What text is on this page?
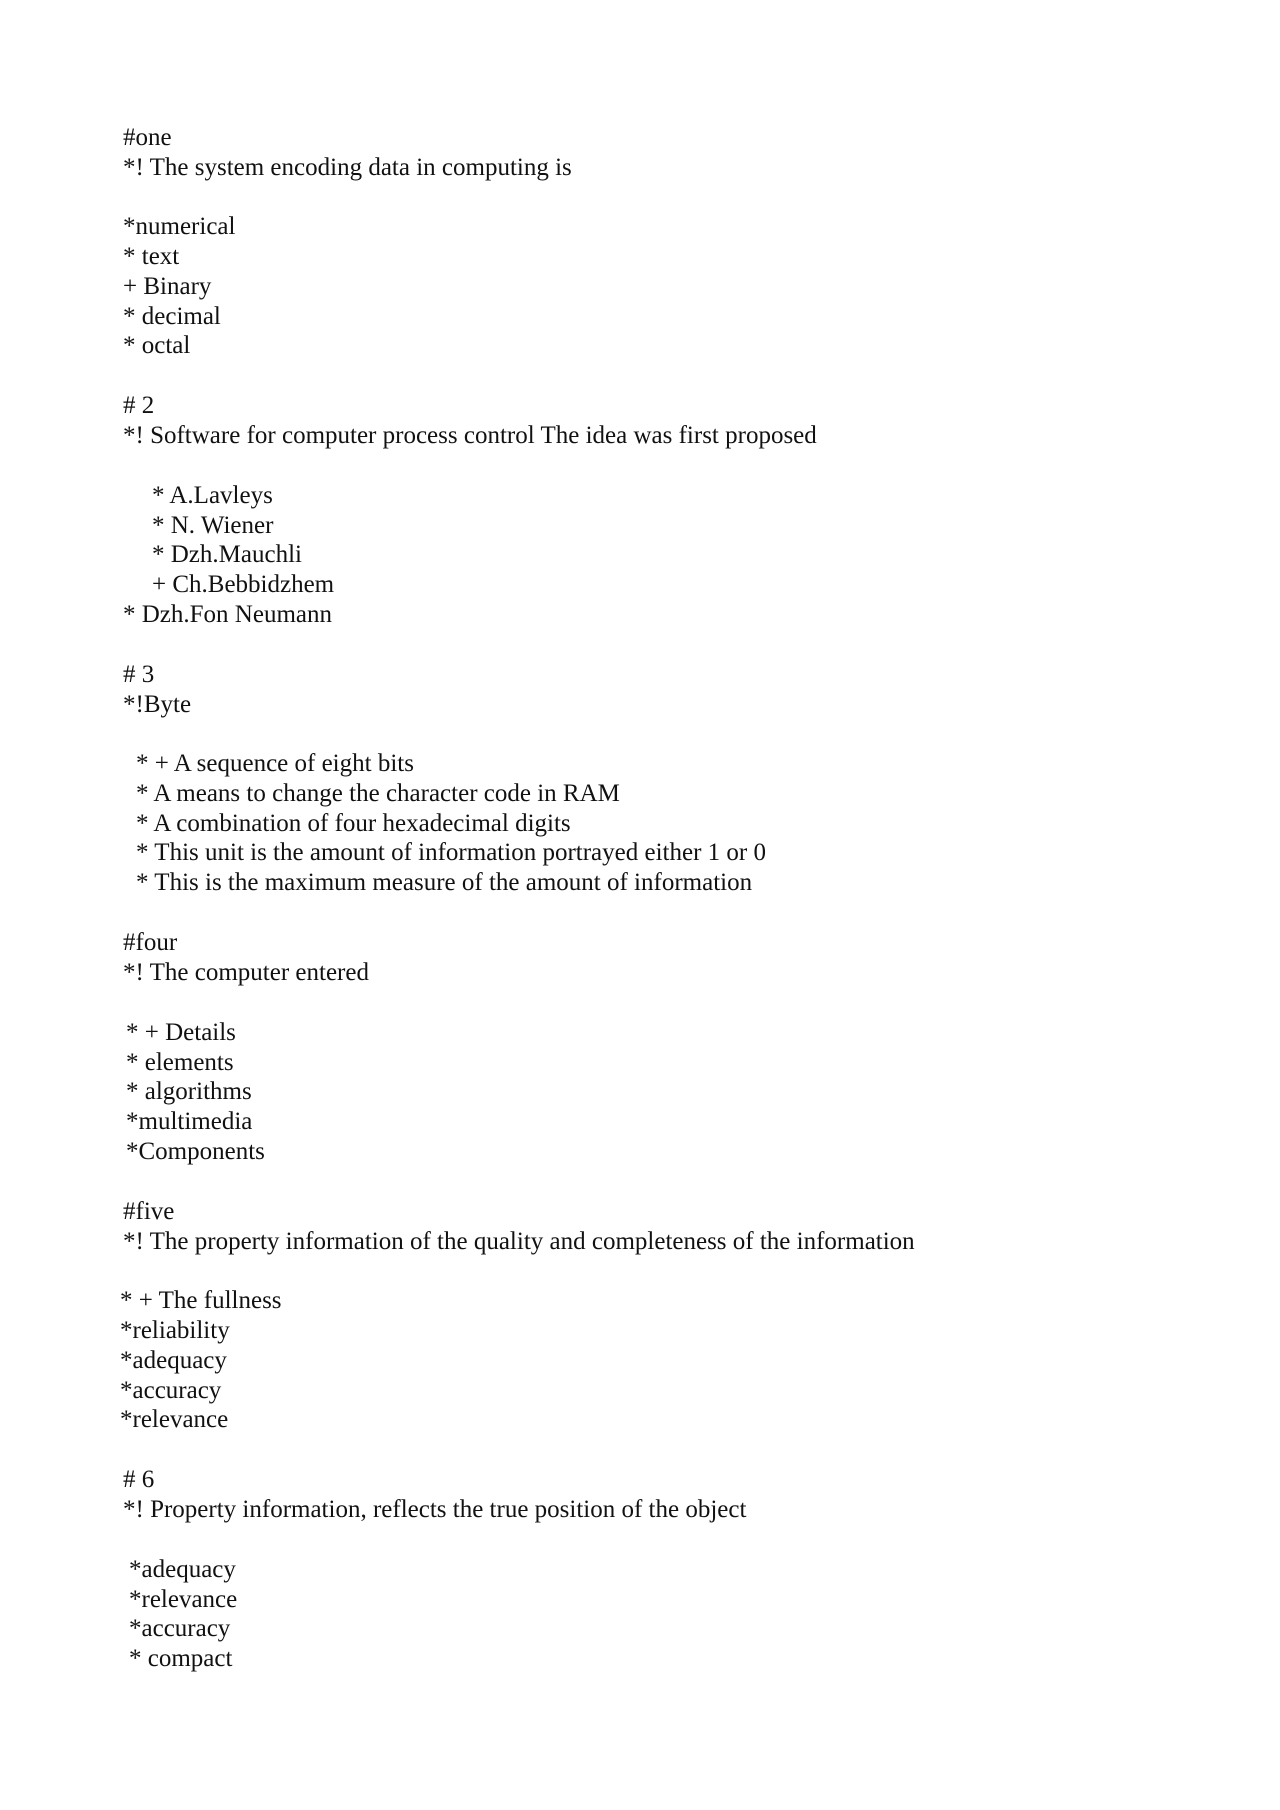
#one
*! The system encoding data in computing is
*numerical
* text
+ Binary
* decimal
* octal
# 2
*! Software for computer process control The idea was first proposed
* A.Lavleys
* N. Wiener
* Dzh.Mauchli
+ Ch.Bebbidzhem
* Dzh.Fon Neumann
# 3
*!Byte
* + A sequence of eight bits
* A means to change the character code in RAM
* A combination of four hexadecimal digits
* This unit is the amount of information portrayed either 1 or 0
* This is the maximum measure of the amount of information
#four
*! The computer entered
* + Details
* elements
* algorithms
*multimedia
*Components
#five
*! The property information of the quality and completeness of the information
* + The fullness
*reliability
*adequacy
*accuracy
*relevance
# 6
*! Property information, reflects the true position of the object
*adequacy
*relevance
*accuracy
* compact
